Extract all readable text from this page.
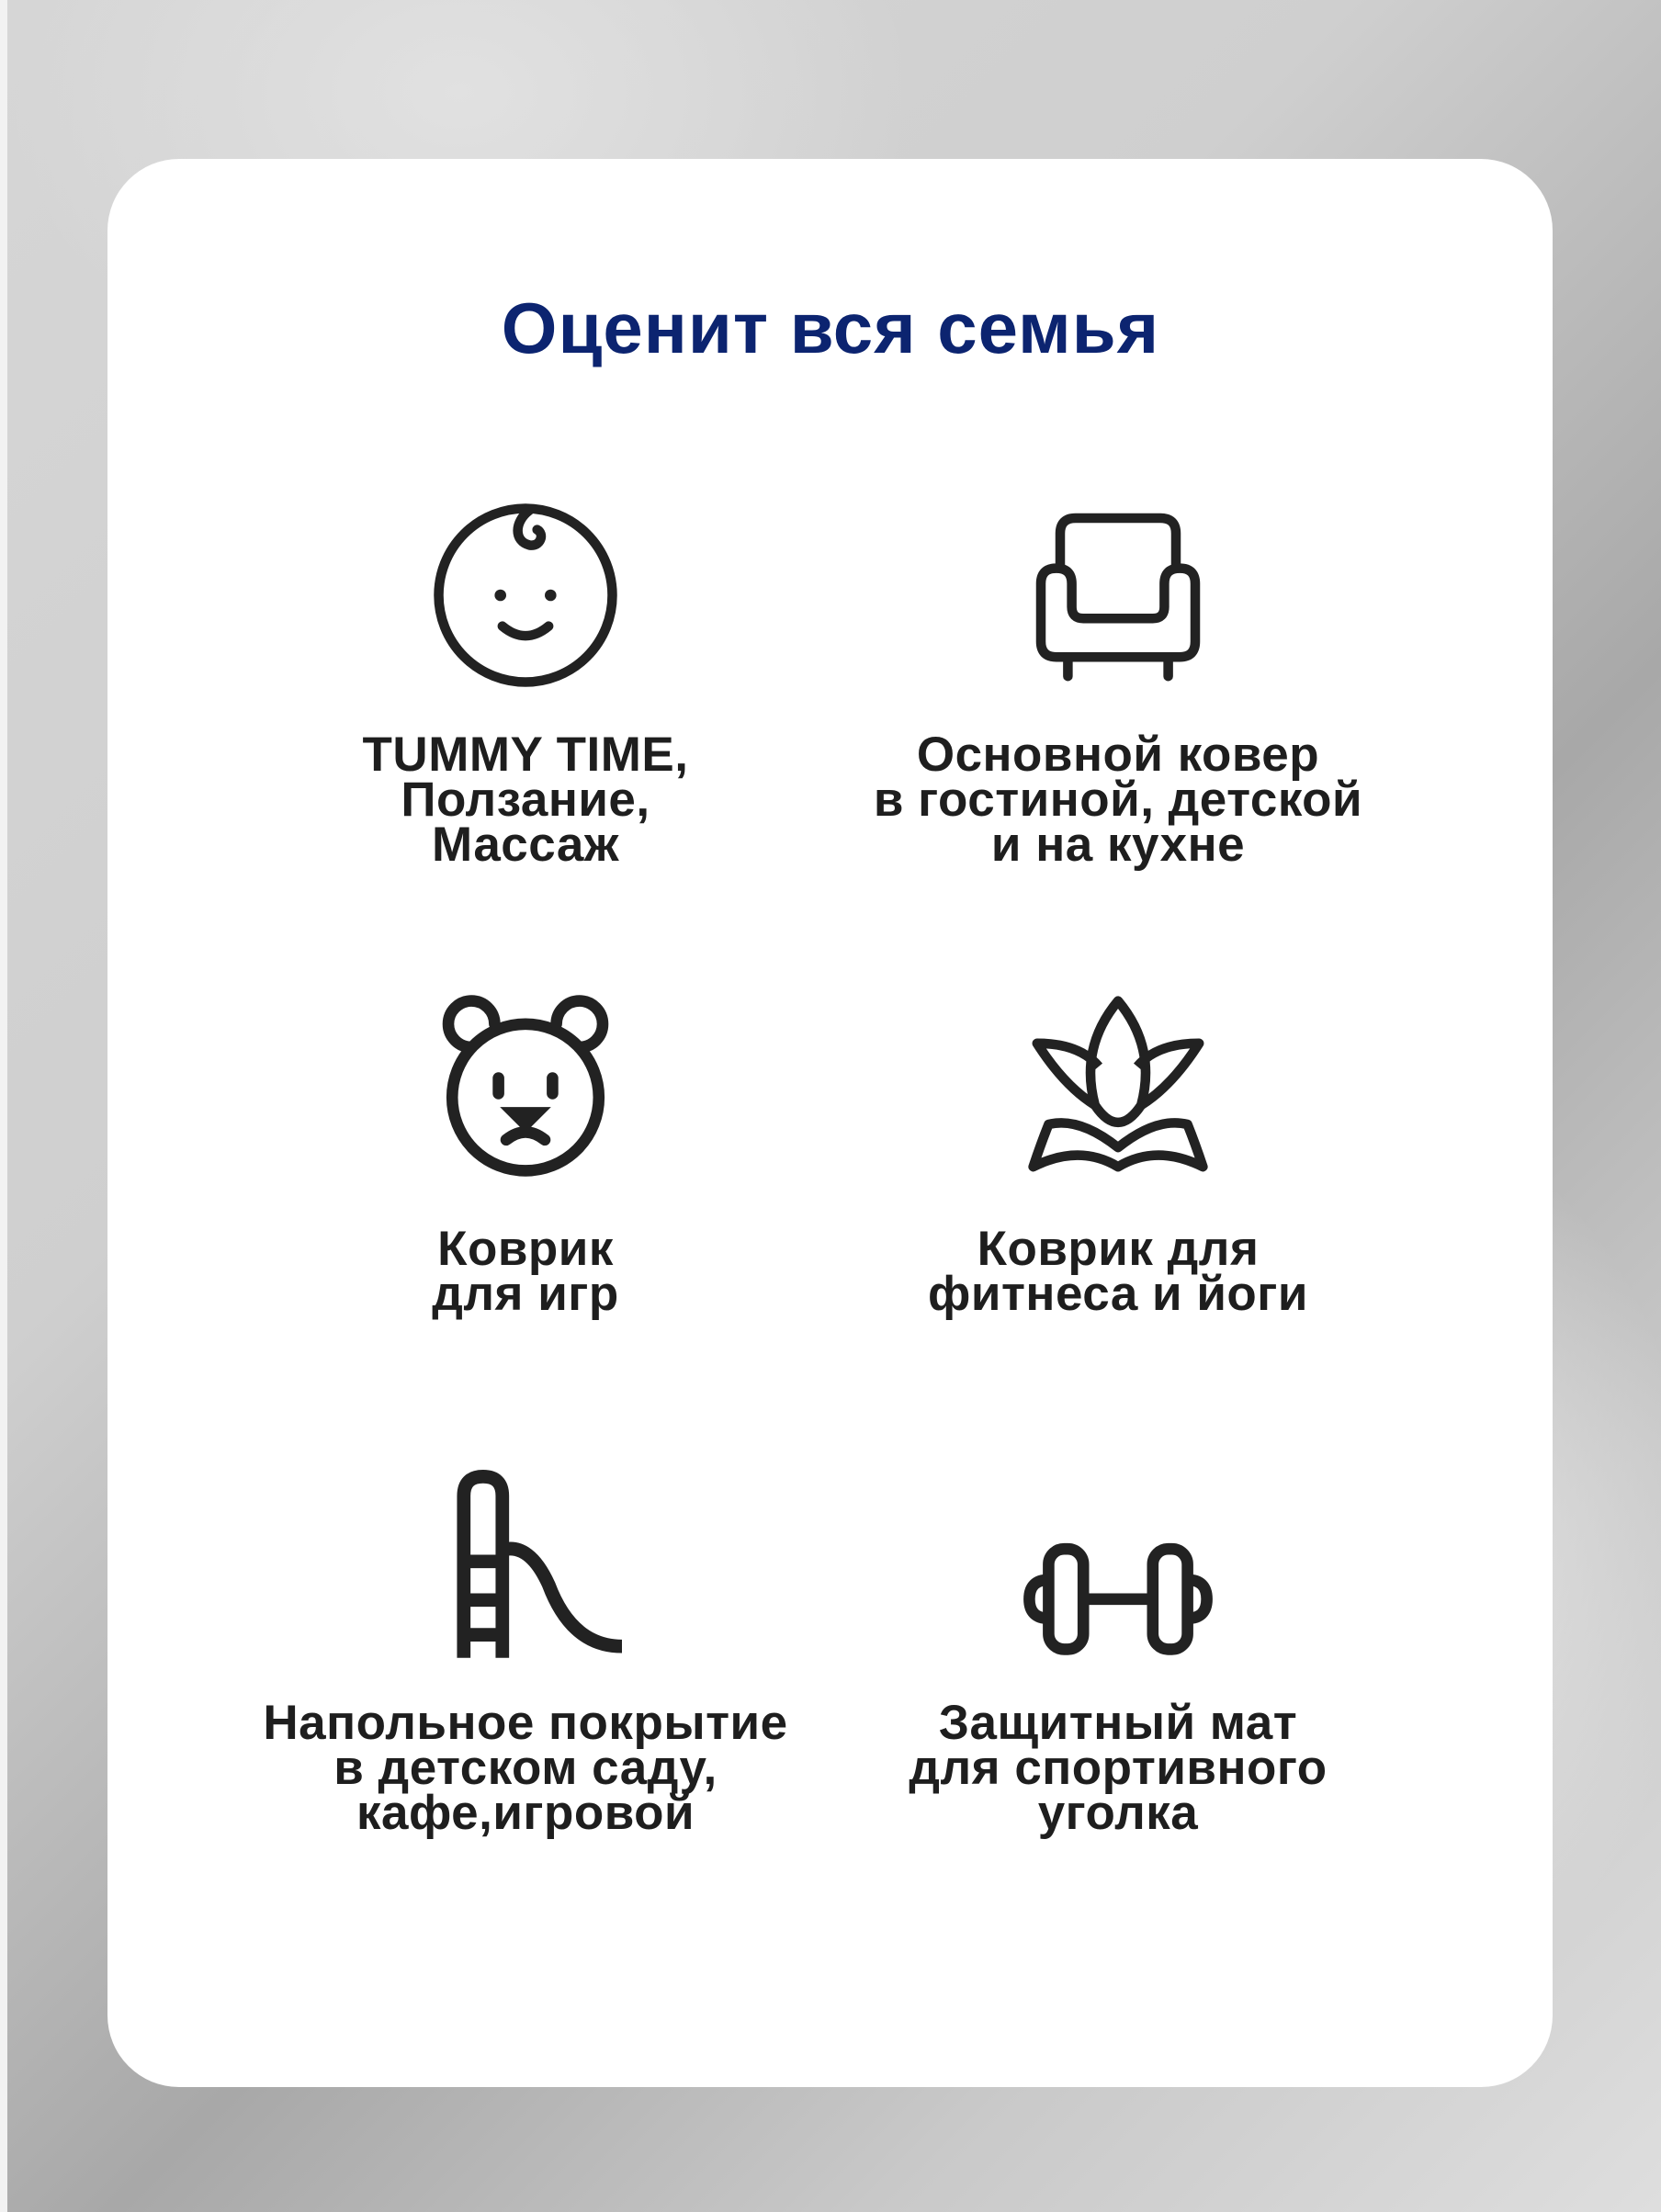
Оценит вся семья
TUMMY TIME,
Ползание,
Массаж
Основной ковер
в гостиной, детской
и на кухне
Коврик
для игр
Коврик для
фитнеса и йоги
Напольное покрытие
в детском саду,
кафе,игровой
Защитный мат
для спортивного
уголка
